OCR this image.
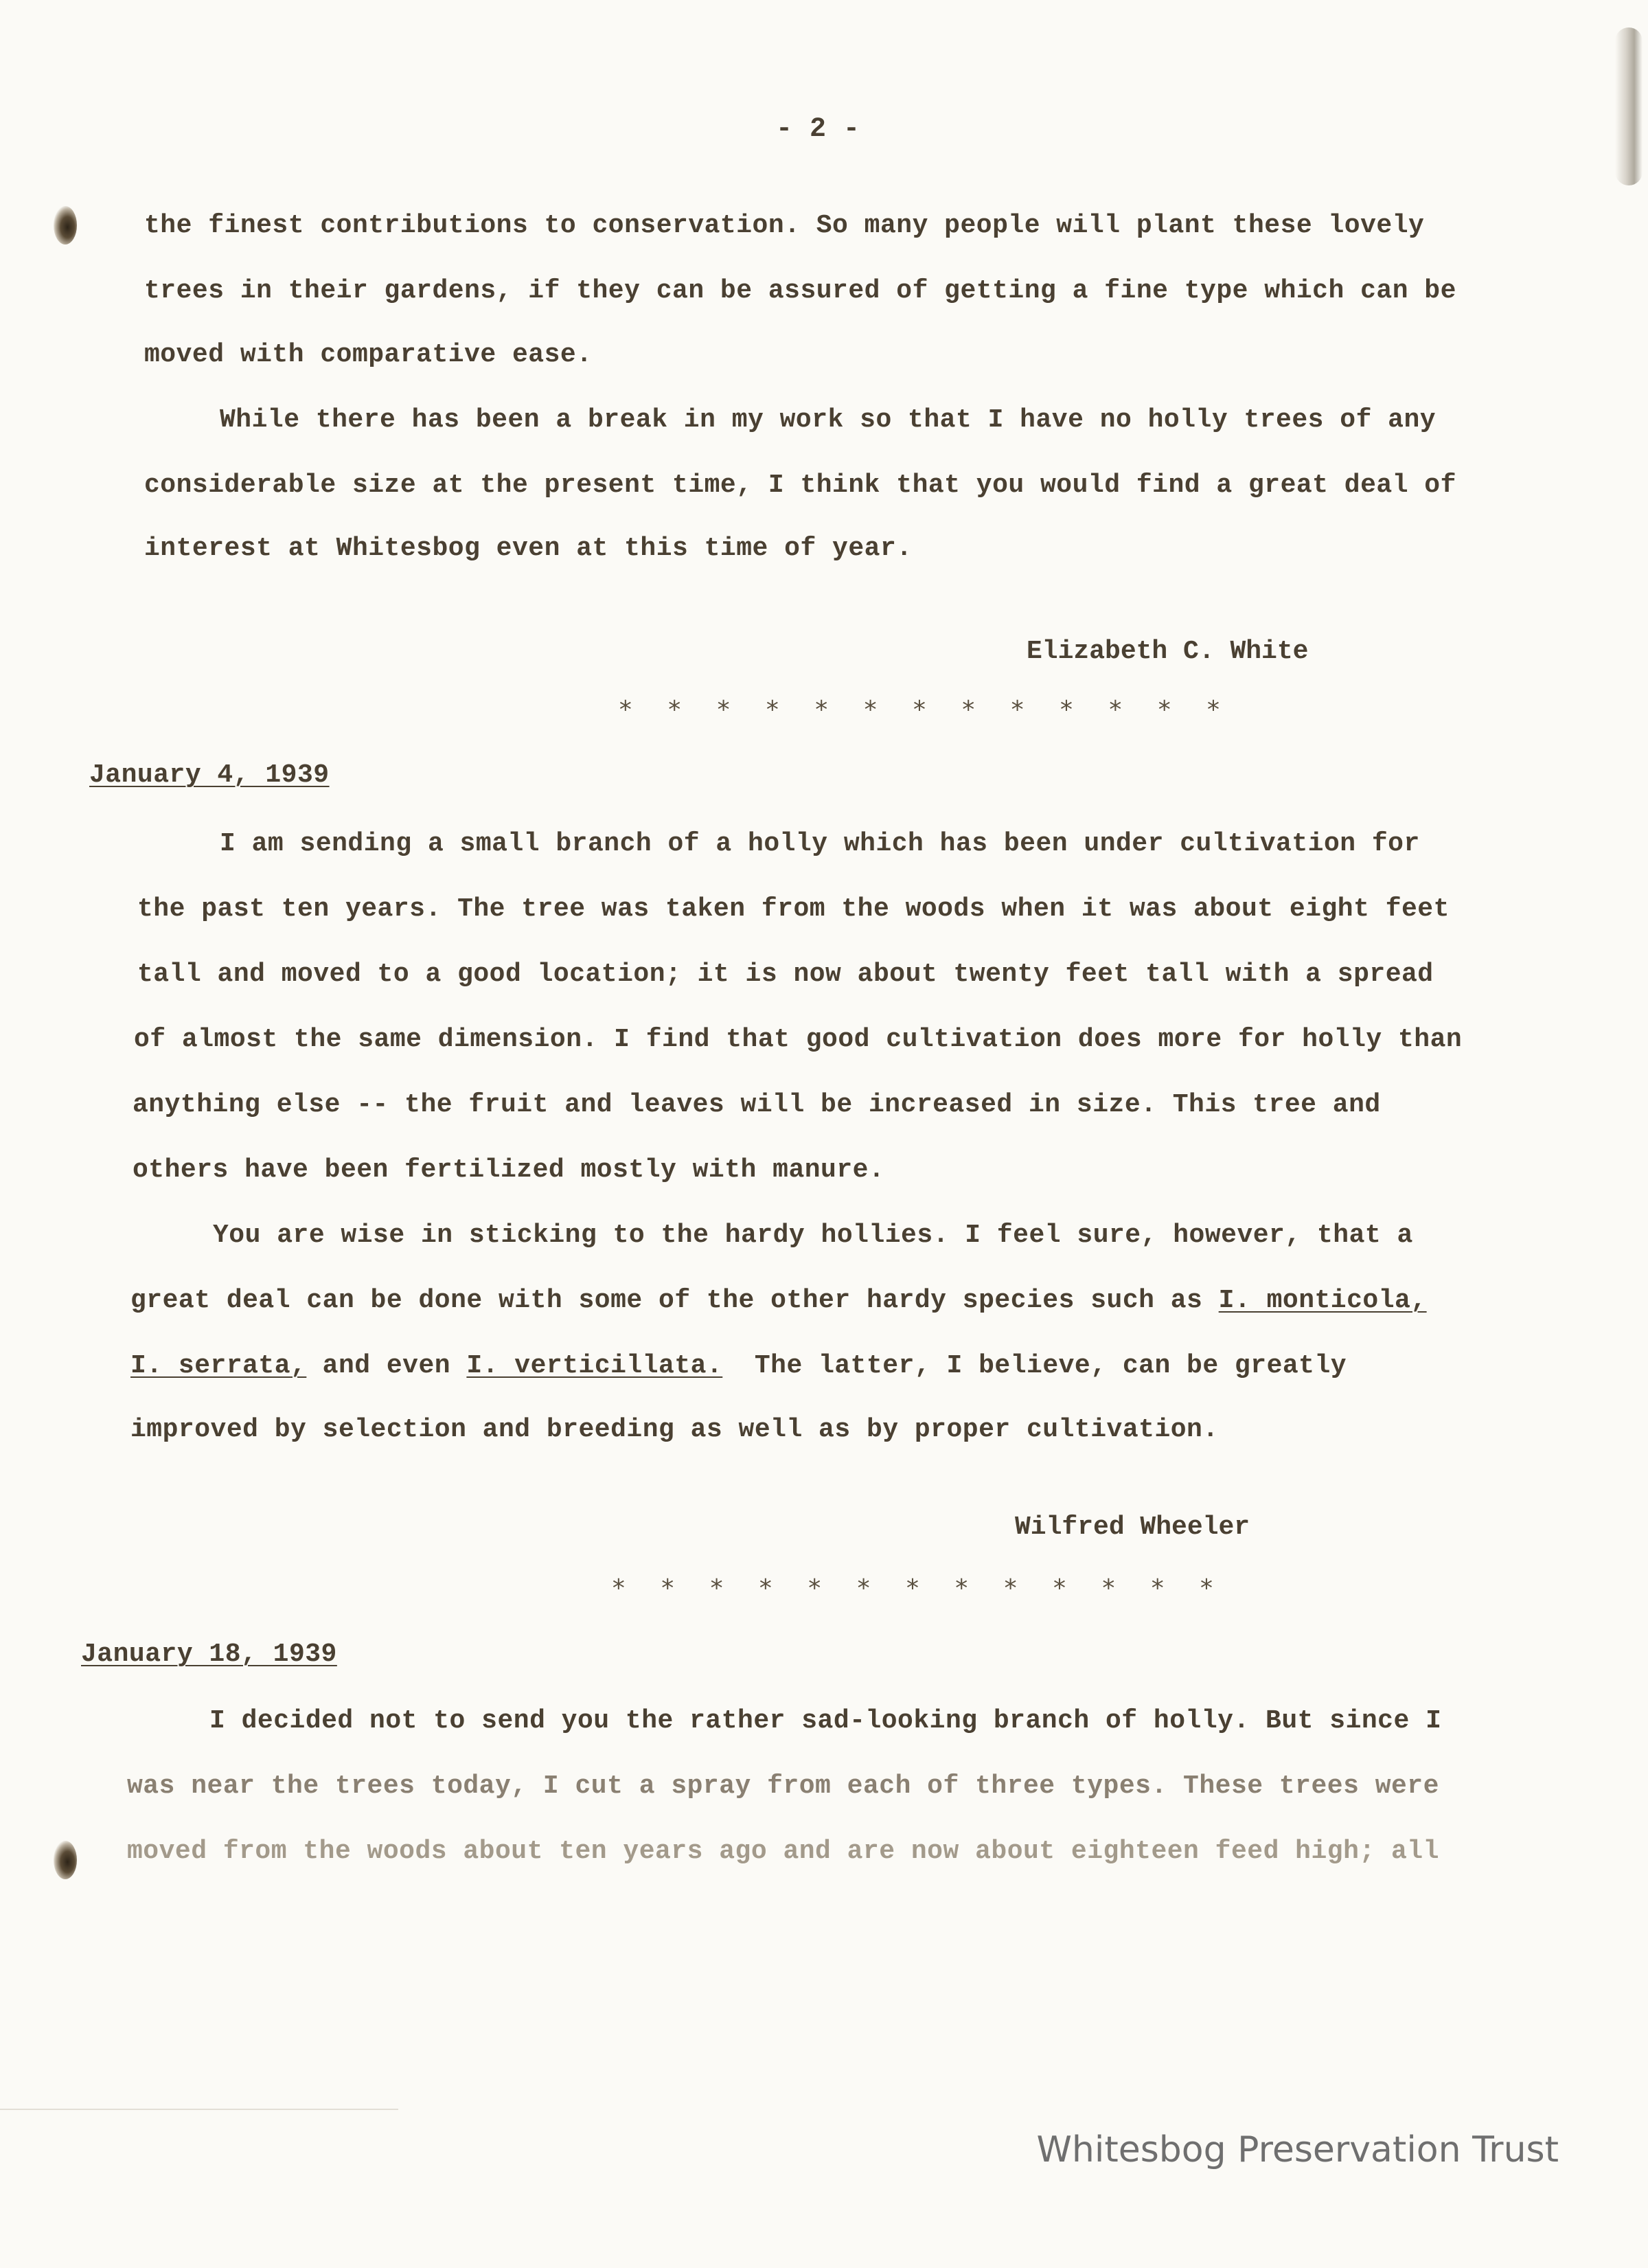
- 2 -
the finest contributions to conservation. So many people will plant these lovely
trees in their gardens, if they can be assured of getting a fine type which can be
moved with comparative ease.
While there has been a break in my work so that I have no holly trees of any
considerable size at the present time, I think that you would find a great deal of
interest at Whitesbog even at this time of year.
Elizabeth C. White
* * * * * * * * * * * * *
January 4, 1939
I am sending a small branch of a holly which has been under cultivation for
the past ten years. The tree was taken from the woods when it was about eight feet
tall and moved to a good location; it is now about twenty feet tall with a spread
of almost the same dimension. I find that good cultivation does more for holly than
anything else -- the fruit and leaves will be increased in size. This tree and
others have been fertilized mostly with manure.
You are wise in sticking to the hardy hollies. I feel sure, however, that a
great deal can be done with some of the other hardy species such as I. monticola,
I. serrata, and even I. verticillata.  The latter, I believe, can be greatly
improved by selection and breeding as well as by proper cultivation.
Wilfred Wheeler
* * * * * * * * * * * * *
January 18, 1939
I decided not to send you the rather sad-looking branch of holly. But since I
was near the trees today, I cut a spray from each of three types. These trees were
moved from the woods about ten years ago and are now about eighteen feed high; all
Whitesbog Preservation Trust
